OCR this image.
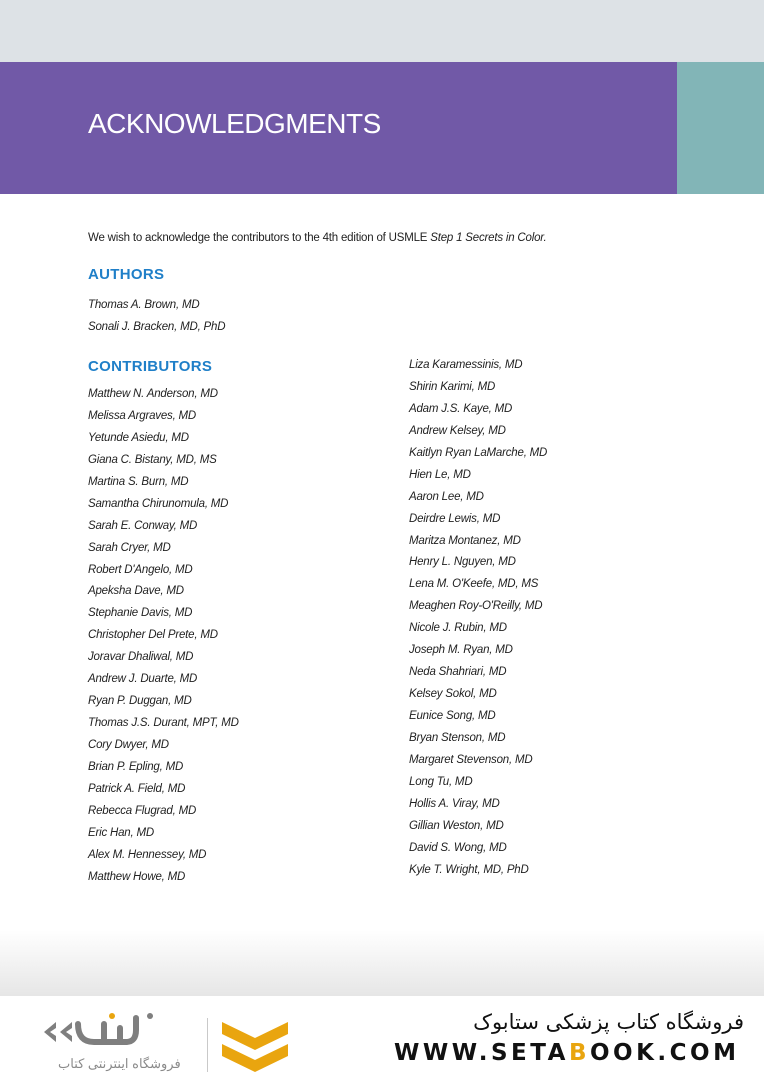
ACKNOWLEDGMENTS

We wish to acknowledge the contributors to the 4th edition of USMLE Step 1 Secrets in Color.

AUTHORS
Thomas A. Brown, MD
Sonali J. Bracken, MD, PhD
CONTRIBUTORS
Matthew N. Anderson, MD
Melissa Argraves, MD
Yetunde Asiedu, MD
Giana C. Bistany, MD, MS
Martina S. Burn, MD
Samantha Chirunomula, MD
Sarah E. Conway, MD
Sarah Cryer, MD
Robert D'Angelo, MD
Apeksha Dave, MD
Stephanie Davis, MD
Christopher Del Prete, MD
Joravar Dhaliwal, MD
Andrew J. Duarte, MD
Ryan P. Duggan, MD
Thomas J.S. Durant, MPT, MD
Cory Dwyer, MD
Brian P. Epling, MD
Patrick A. Field, MD
Rebecca Flugrad, MD
Eric Han, MD
Alex M. Hennessey, MD
Matthew Howe, MD
Liza Karamessinis, MD
Shirin Karimi, MD
Adam J.S. Kaye, MD
Andrew Kelsey, MD
Kaitlyn Ryan LaMarche, MD
Hien Le, MD
Aaron Lee, MD
Deirdre Lewis, MD
Maritza Montanez, MD
Henry L. Nguyen, MD
Lena M. O'Keefe, MD, MS
Meaghen Roy-O'Reilly, MD
Nicole J. Rubin, MD
Joseph M. Ryan, MD
Neda Shahriari, MD
Kelsey Sokol, MD
Eunice Song, MD
Bryan Stenson, MD
Margaret Stevenson, MD
Long Tu, MD
Hollis A. Viray, MD
Gillian Weston, MD
David S. Wong, MD
Kyle T. Wright, MD, PhD
فروشگاه اینترنتی کتاب
فروشگاه کتاب پزشکی ستابوک
WWW.SETABOOK.COM
